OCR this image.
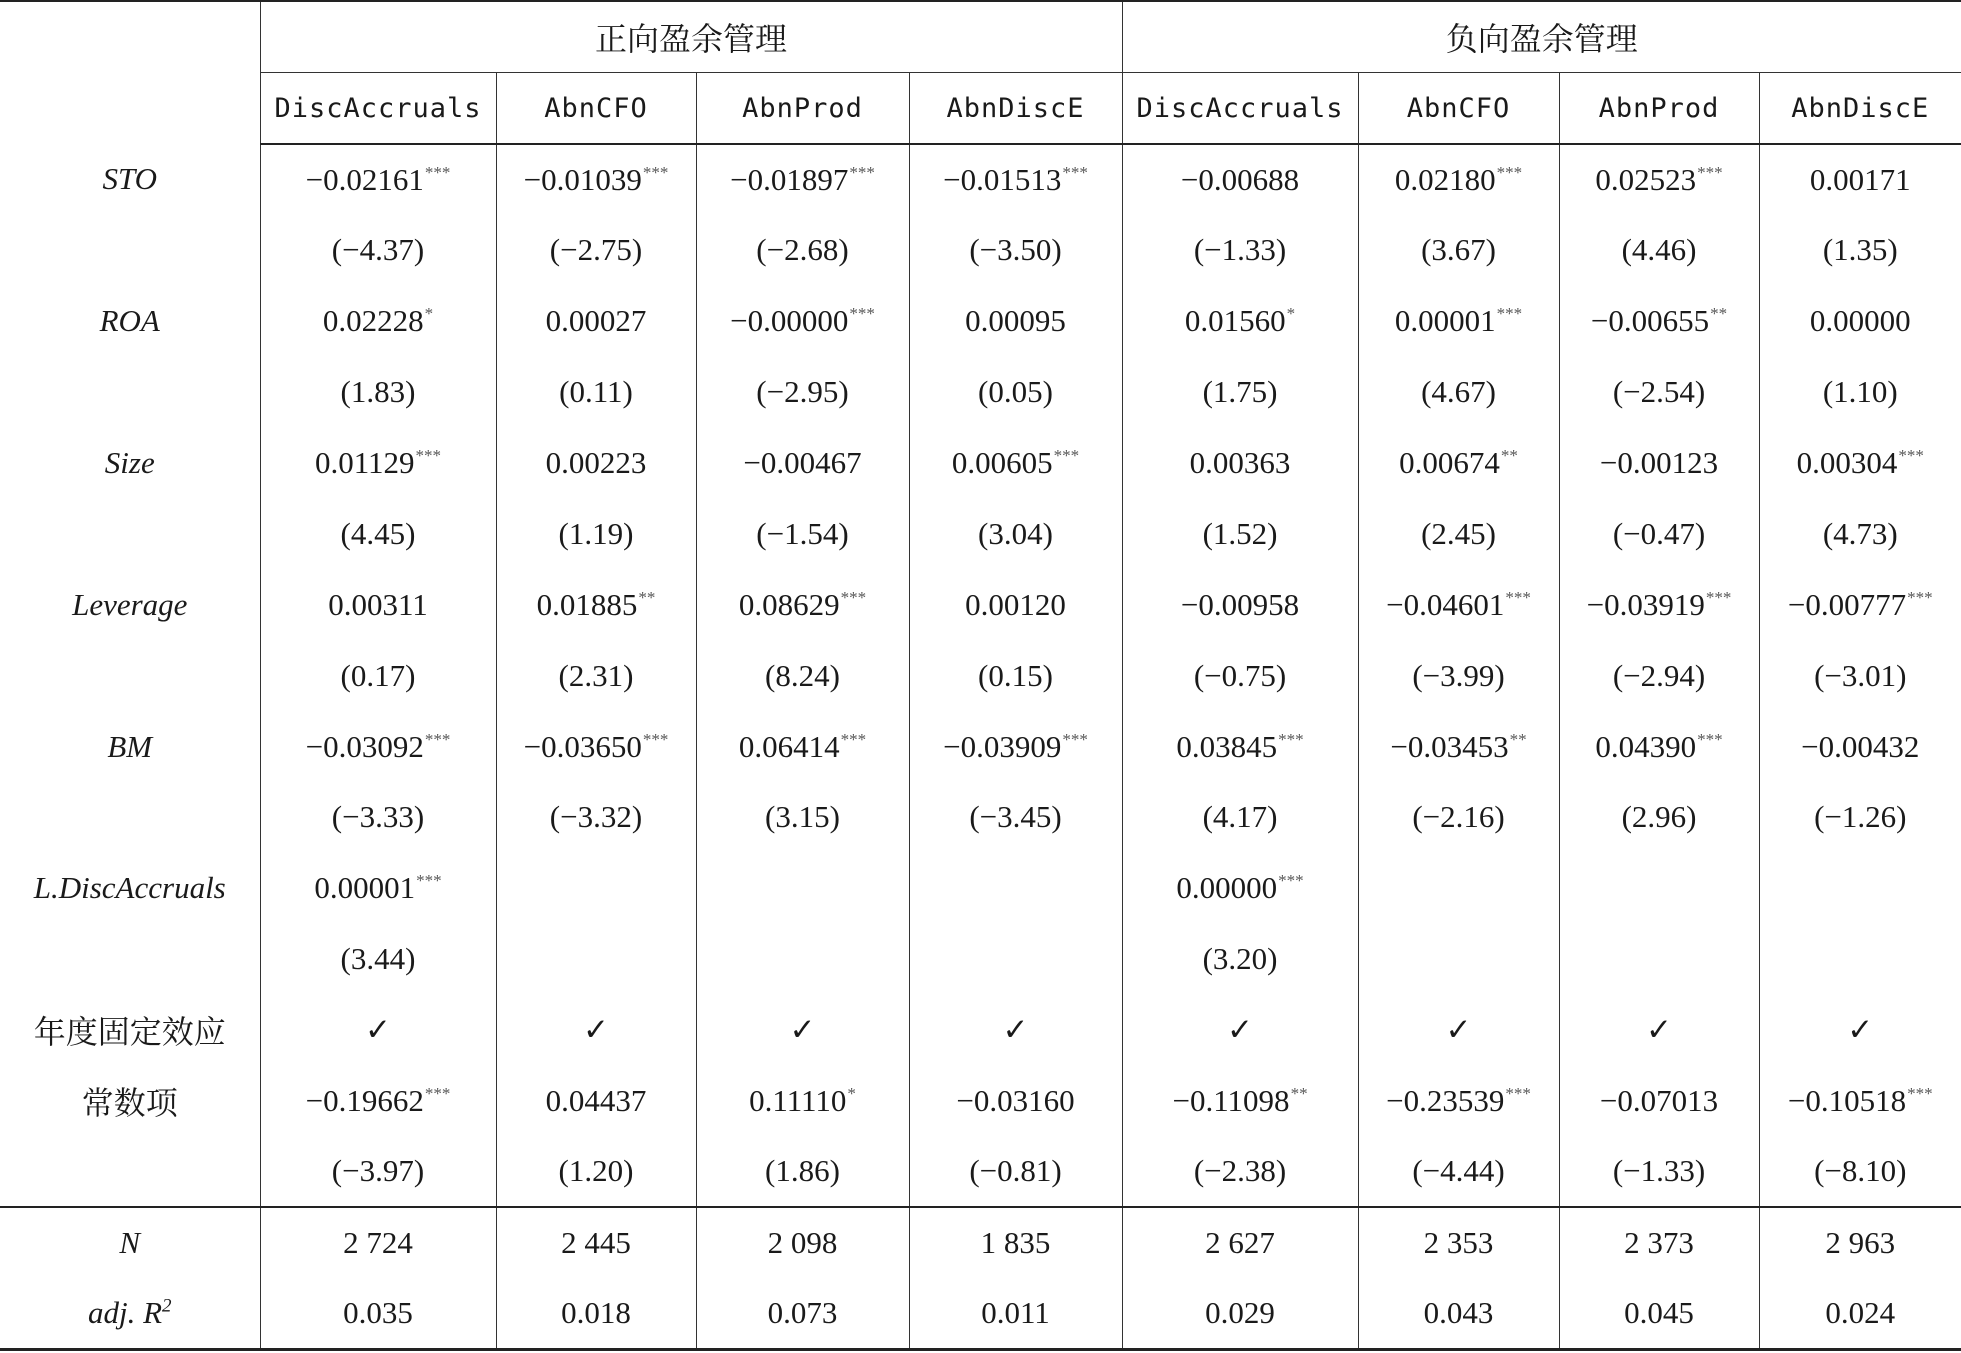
	正向盈余管理				负向盈余管理			
	DiscAccruals	AbnCFO	AbnProd	AbnDiscE	DiscAccruals	AbnCFO	AbnProd	AbnDiscE
STO	−0.02161***	−0.01039***	−0.01897***	−0.01513***	−0.00688	0.02180***	0.02523***	0.00171
	(−4.37)	(−2.75)	(−2.68)	(−3.50)	(−1.33)	(3.67)	(4.46)	(1.35)
ROA	0.02228*	0.00027	−0.00000***	0.00095	0.01560*	0.00001***	−0.00655**	0.00000
	(1.83)	(0.11)	(−2.95)	(0.05)	(1.75)	(4.67)	(−2.54)	(1.10)
Size	0.01129***	0.00223	−0.00467	0.00605***	0.00363	0.00674**	−0.00123	0.00304***
	(4.45)	(1.19)	(−1.54)	(3.04)	(1.52)	(2.45)	(−0.47)	(4.73)
Leverage	0.00311	0.01885**	0.08629***	0.00120	−0.00958	−0.04601***	−0.03919***	−0.00777***
	(0.17)	(2.31)	(8.24)	(0.15)	(−0.75)	(−3.99)	(−2.94)	(−3.01)
BM	−0.03092***	−0.03650***	0.06414***	−0.03909***	0.03845***	−0.03453**	0.04390***	−0.00432
	(−3.33)	(−3.32)	(3.15)	(−3.45)	(4.17)	(−2.16)	(2.96)	(−1.26)
L.DiscAccruals	0.00001***				0.00000***			
	(3.44)				(3.20)			
年度固定效应	✓	✓	✓	✓	✓	✓	✓	✓
常数项	−0.19662***	0.04437	0.11110*	−0.03160	−0.11098**	−0.23539***	−0.07013	−0.10518***
	(−3.97)	(1.20)	(1.86)	(−0.81)	(−2.38)	(−4.44)	(−1.33)	(−8.10)
N	2 724	2 445	2 098	1 835	2 627	2 353	2 373	2 963
adj. $R^2$	0.035	0.018	0.073	0.011	0.029	0.043	0.045	0.024
